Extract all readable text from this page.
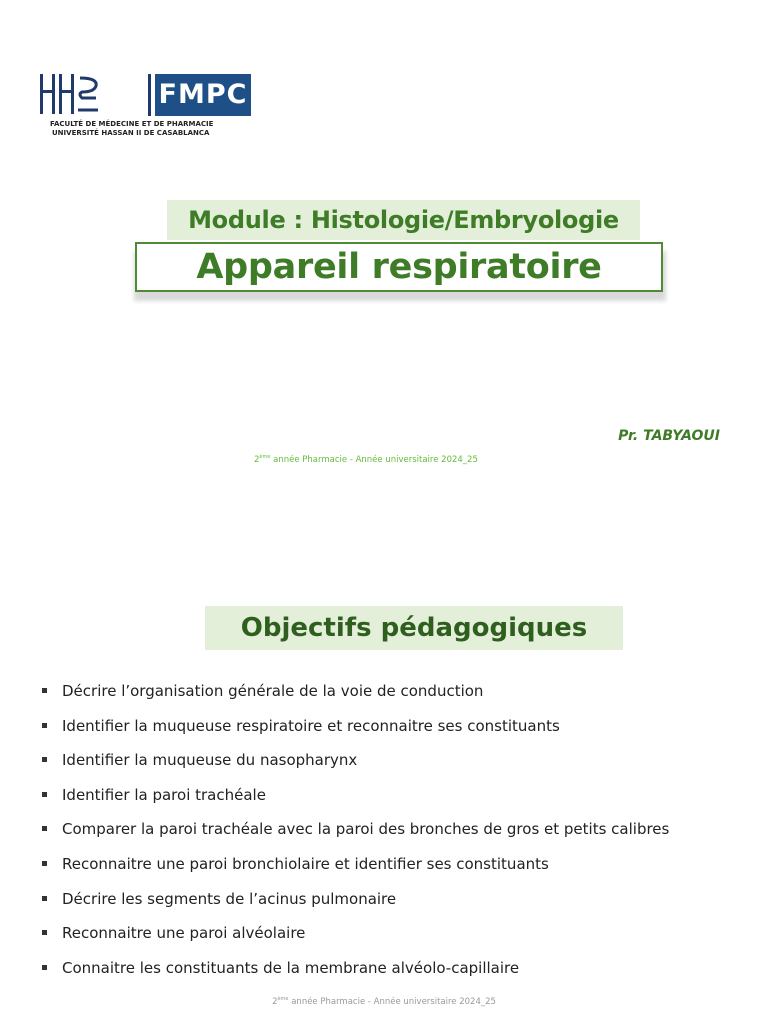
FMPC
FACULTÉ DE MÉDECINE ET DE PHARMACIE
UNIVERSITÉ HASSAN II DE CASABLANCA
Module : Histologie/Embryologie
Appareil respiratoire
Pr. TABYAOUI
2ème année Pharmacie - Année universitaire 2024_25
Objectifs pédagogiques
Décrire l’organisation générale de la voie de conduction
Identifier la muqueuse respiratoire et reconnaitre ses constituants
Identifier la muqueuse du nasopharynx
Identifier la paroi trachéale
Comparer la paroi trachéale avec la paroi des bronches de gros et petits calibres
Reconnaitre une paroi bronchiolaire et identifier ses constituants
Décrire les segments de l’acinus pulmonaire
Reconnaitre une paroi alvéolaire
Connaitre les constituants de la membrane alvéolo-capillaire
2ème année Pharmacie - Année universitaire 2024_25
